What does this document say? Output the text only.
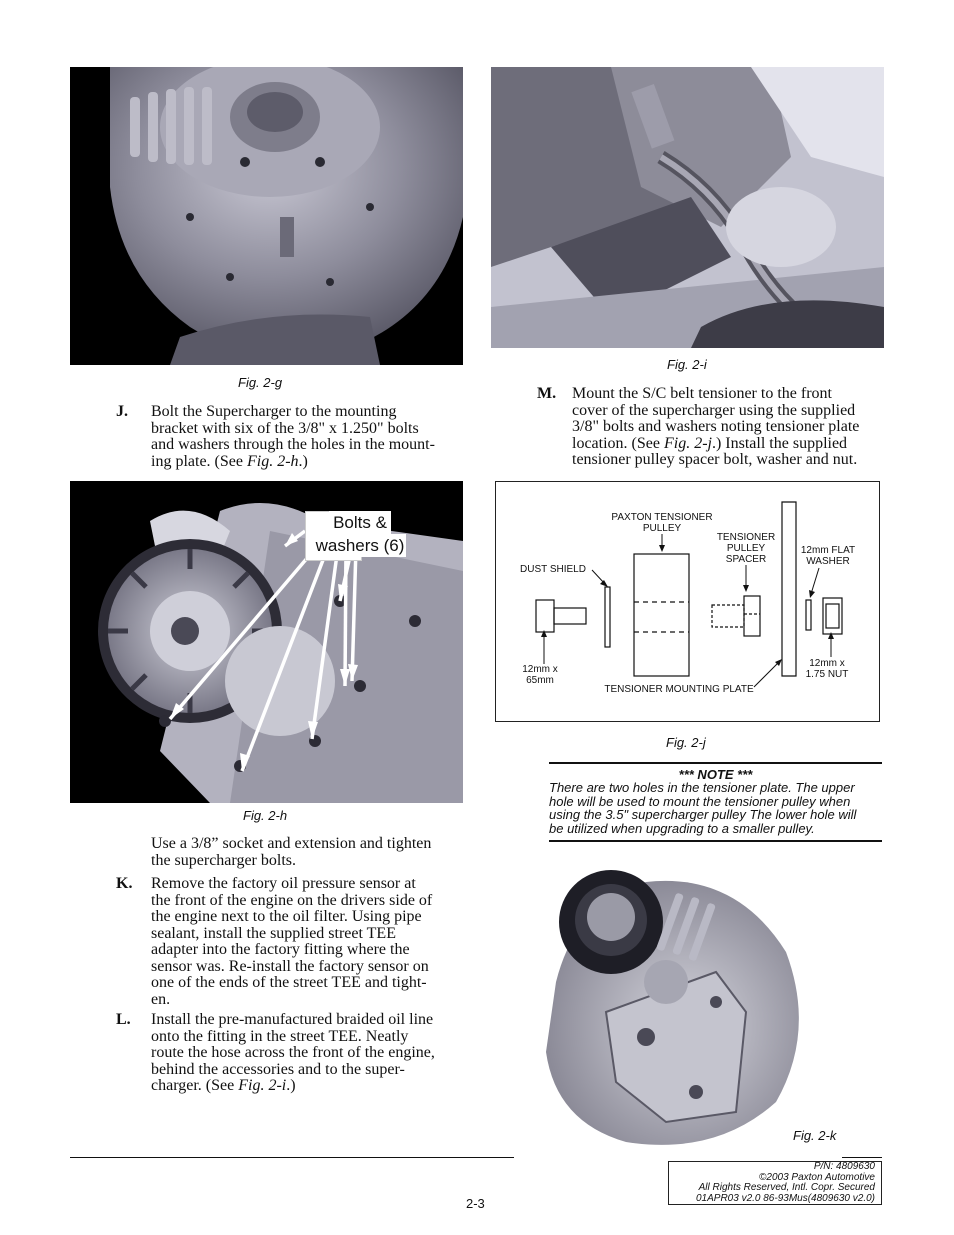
Fig. 2-g
Fig. 2-i
J. Bolt the Supercharger to the mounting
bracket with six of the 3/8" x 1.250" bolts
and washers through the holes in the mount-
ing plate. (See Fig. 2-h.)
Bolts &
washers (6)
Fig. 2-h
Use a 3/8” socket and extension and tighten
the supercharger bolts.
K. Remove the factory oil pressure sensor at
the front of the engine on the drivers side of
the engine next to the oil filter. Using pipe
sealant, install the supplied street TEE
adapter into the factory fitting where the
sensor was. Re-install the factory sensor on
one of the ends of the street TEE and tight-
en.
L. Install the pre-manufactured braided oil line
onto the fitting in the street TEE. Neatly
route the hose across the front of the engine,
behind the accessories and to the super-
charger. (See Fig. 2-i.)
M. Mount the S/C belt tensioner to the front
cover of the supercharger using the supplied
3/8" bolts and washers noting tensioner plate
location. (See Fig. 2-j.) Install the supplied
tensioner pulley spacer bolt, washer and nut.
PAXTON TENSIONER
PULLEY
TENSIONER
PULLEY
SPACER
12mm FLAT
WASHER
DUST SHIELD
12mm x
65mm
TENSIONER MOUNTING PLATE
12mm x
1.75 NUT
Fig. 2-j
*** NOTE ***
There are two holes in the tensioner plate. The upper
hole will be used to mount the tensioner pulley when
using the 3.5" supercharger pulley The lower hole will
be utilized when upgrading to a smaller pulley.
Fig. 2-k
2-3
P/N: 4809630
©2003 Paxton Automotive
All Rights Reserved, Intl. Copr. Secured
01APR03 v2.0 86-93Mus(4809630 v2.0)
